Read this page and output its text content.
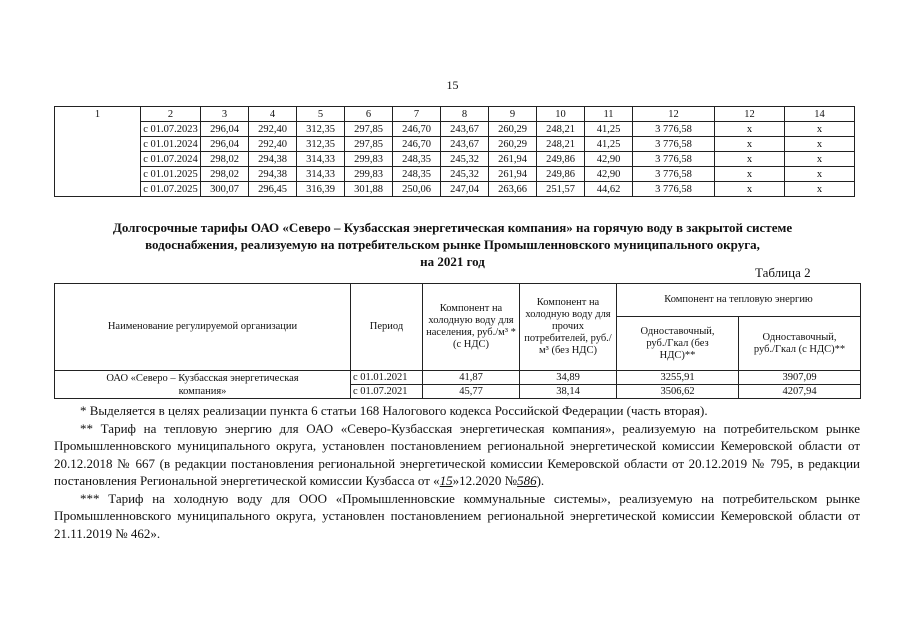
15
1	2	3	4	5	6	7	8	9	10	11	12	12	14
	с 01.07.2023	296,04	292,40	312,35	297,85	246,70	243,67	260,29	248,21	41,25	3 776,58	х	х
	с 01.01.2024	296,04	292,40	312,35	297,85	246,70	243,67	260,29	248,21	41,25	3 776,58	х	х
	с 01.07.2024	298,02	294,38	314,33	299,83	248,35	245,32	261,94	249,86	42,90	3 776,58	х	х
	с 01.01.2025	298,02	294,38	314,33	299,83	248,35	245,32	261,94	249,86	42,90	3 776,58	х	х
	с 01.07.2025	300,07	296,45	316,39	301,88	250,06	247,04	263,66	251,57	44,62	3 776,58	х	х
Долгосрочные тарифы ОАО «Северо – Кузбасская энергетическая компания» на горячую воду в закрытой системе
водоснабжения, реализуемую на потребительском рынке Промышленновского муниципального округа,
на 2021 год
Таблица 2
Наименование регулируемой организации	Период	Компонент на холодную воду для населения, руб./м³ * (с НДС)	Компонент на холодную воду для прочих потребителей, руб./м³ (без НДС)	Компонент на тепловую энергию	
				Одноставочный, руб./Гкал (без НДС)**	Одноставочный, руб./Гкал (с НДС)**
ОАО «Северо – Кузбасская энергетическая компания»	с 01.01.2021	41,87	34,89	3255,91	3907,09
	с 01.07.2021	45,77	38,14	3506,62	4207,94

* Выделяется в целях реализации пункта 6 статьи 168 Налогового кодекса Российской Федерации (часть вторая).

** Тариф на тепловую энергию для ОАО «Северо-Кузбасская энергетическая компания», реализуемую на потребительском рынке Промышленновского муниципального округа, установлен постановлением региональной энергетической комиссии Кемеровской области от 20.12.2018 № 667 (в редакции постановления региональной энергетической комиссии Кемеровской области от 20.12.2019 № 795, в редакции постановления Региональной энергетической комиссии Кузбасса от «15»12.2020 №586).

*** Тариф на холодную воду для ООО «Промышленновские коммунальные системы», реализуемую на потребительском рынке Промышленновского муниципального округа, установлен постановлением региональной энергетической комиссии Кемеровской области от 21.11.2019 № 462».
